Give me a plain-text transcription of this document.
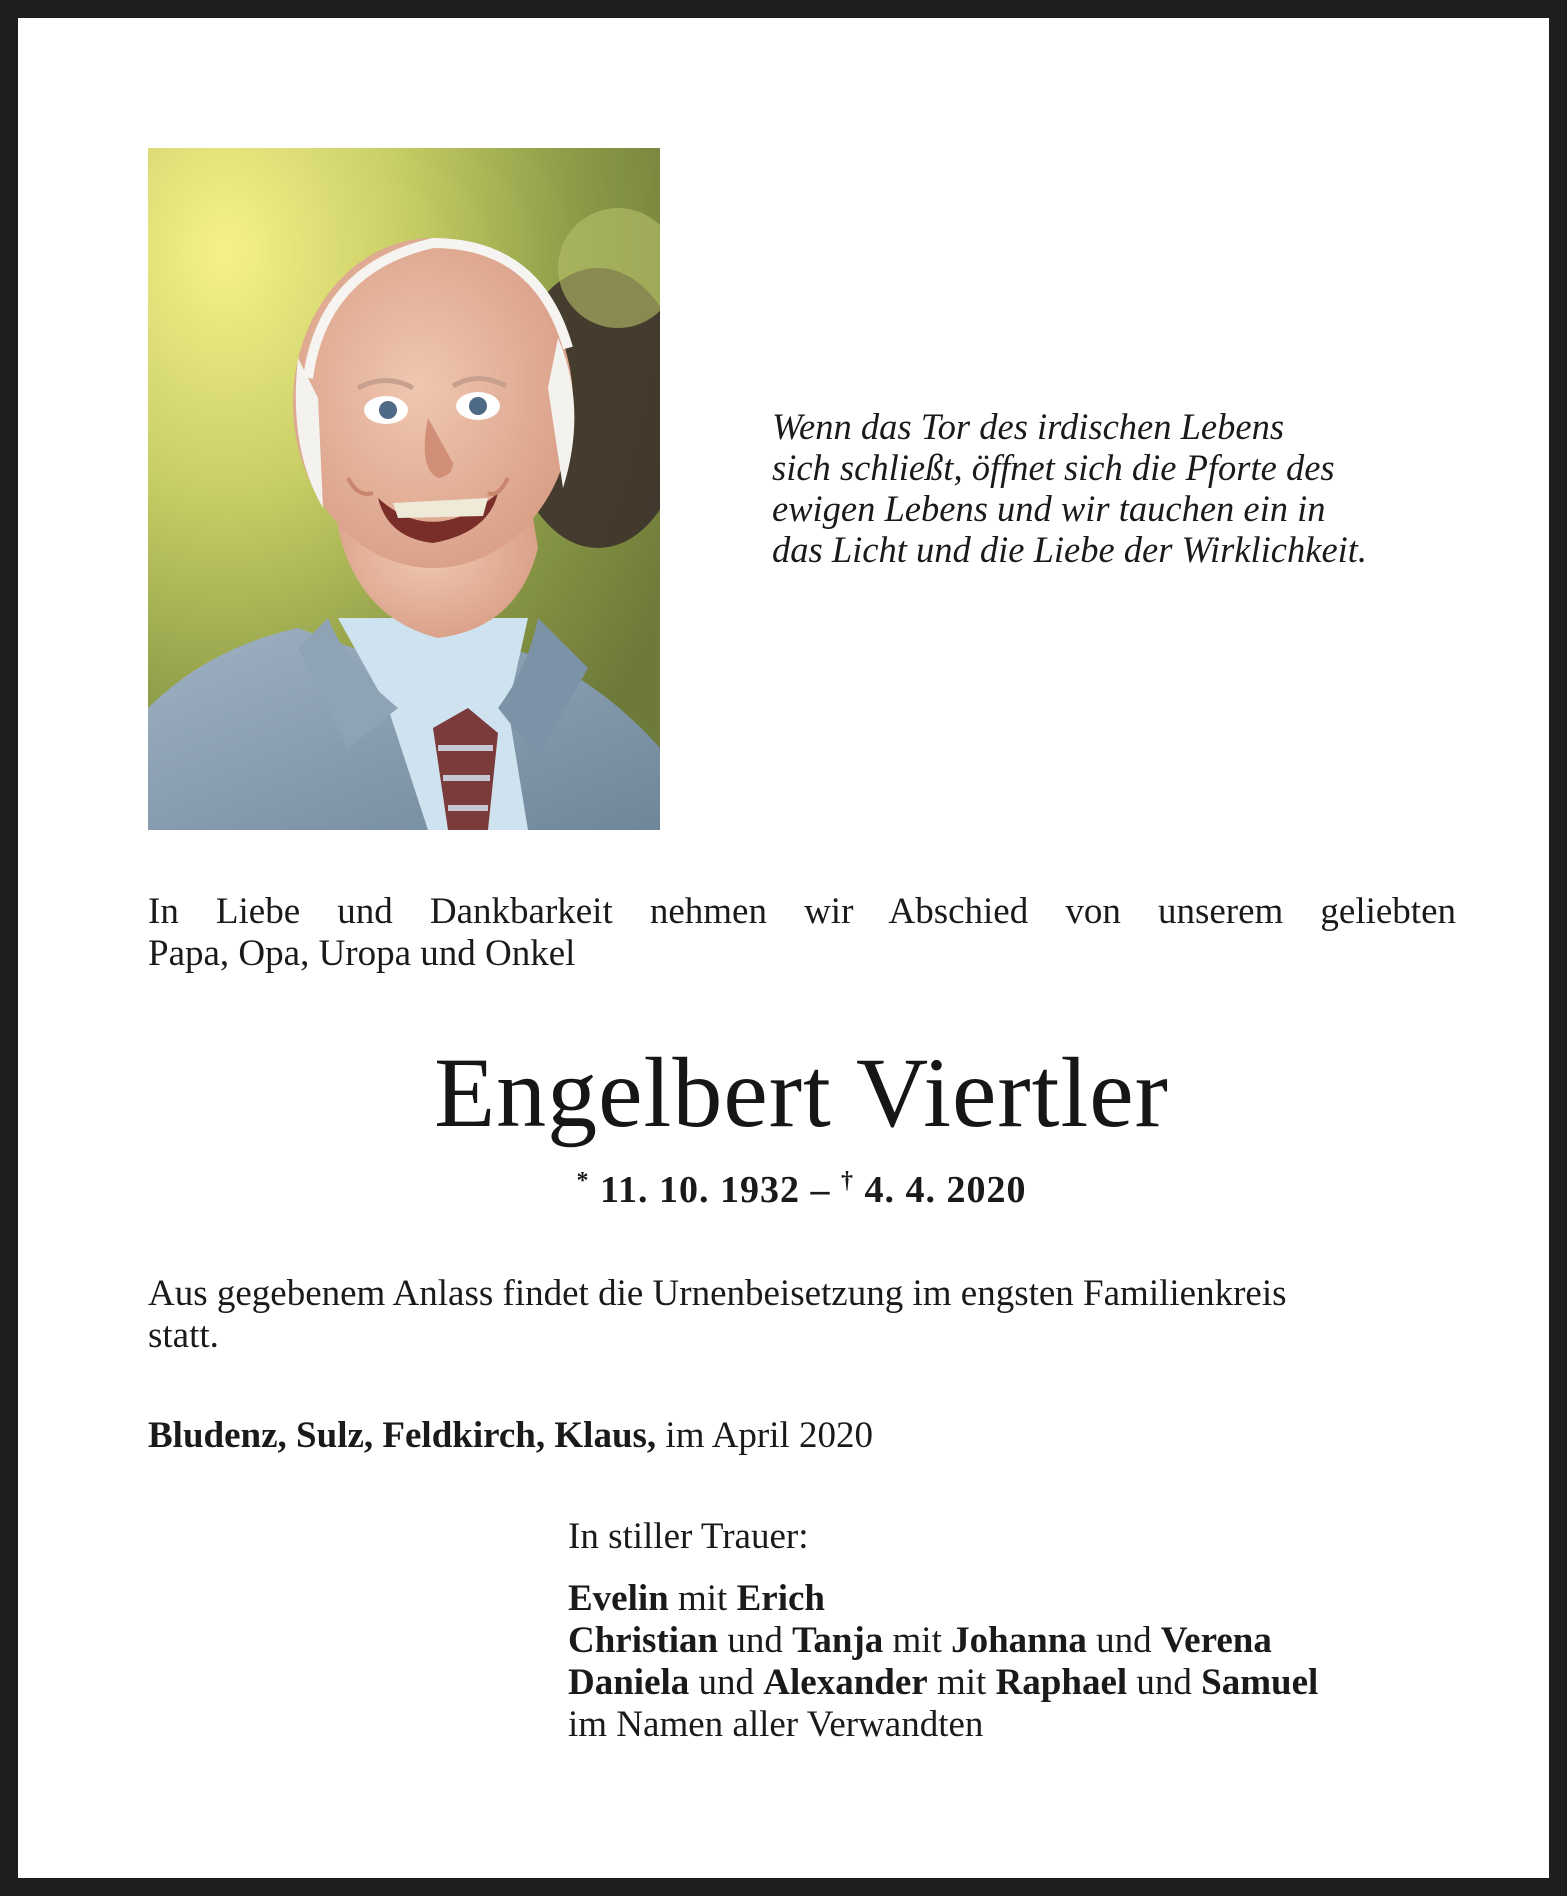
Wenn das Tor des irdischen Lebens
sich schließt, öffnet sich die Pforte des
ewigen Lebens und wir tauchen ein in
das Licht und die Liebe der Wirklichkeit.
In Liebe und Dankbarkeit nehmen wir Abschied von unserem geliebten
Papa, Opa, Uropa und Onkel
Engelbert Viertler
* 11. 10. 1932 – † 4. 4. 2020
Aus gegebenem Anlass findet die Urnenbeisetzung im engsten Familienkreis
statt.
Bludenz, Sulz, Feldkirch, Klaus, im April 2020
In stiller Trauer:
Evelin mit Erich
Christian und Tanja mit Johanna und Verena
Daniela und Alexander mit Raphael und Samuel
im Namen aller Verwandten
